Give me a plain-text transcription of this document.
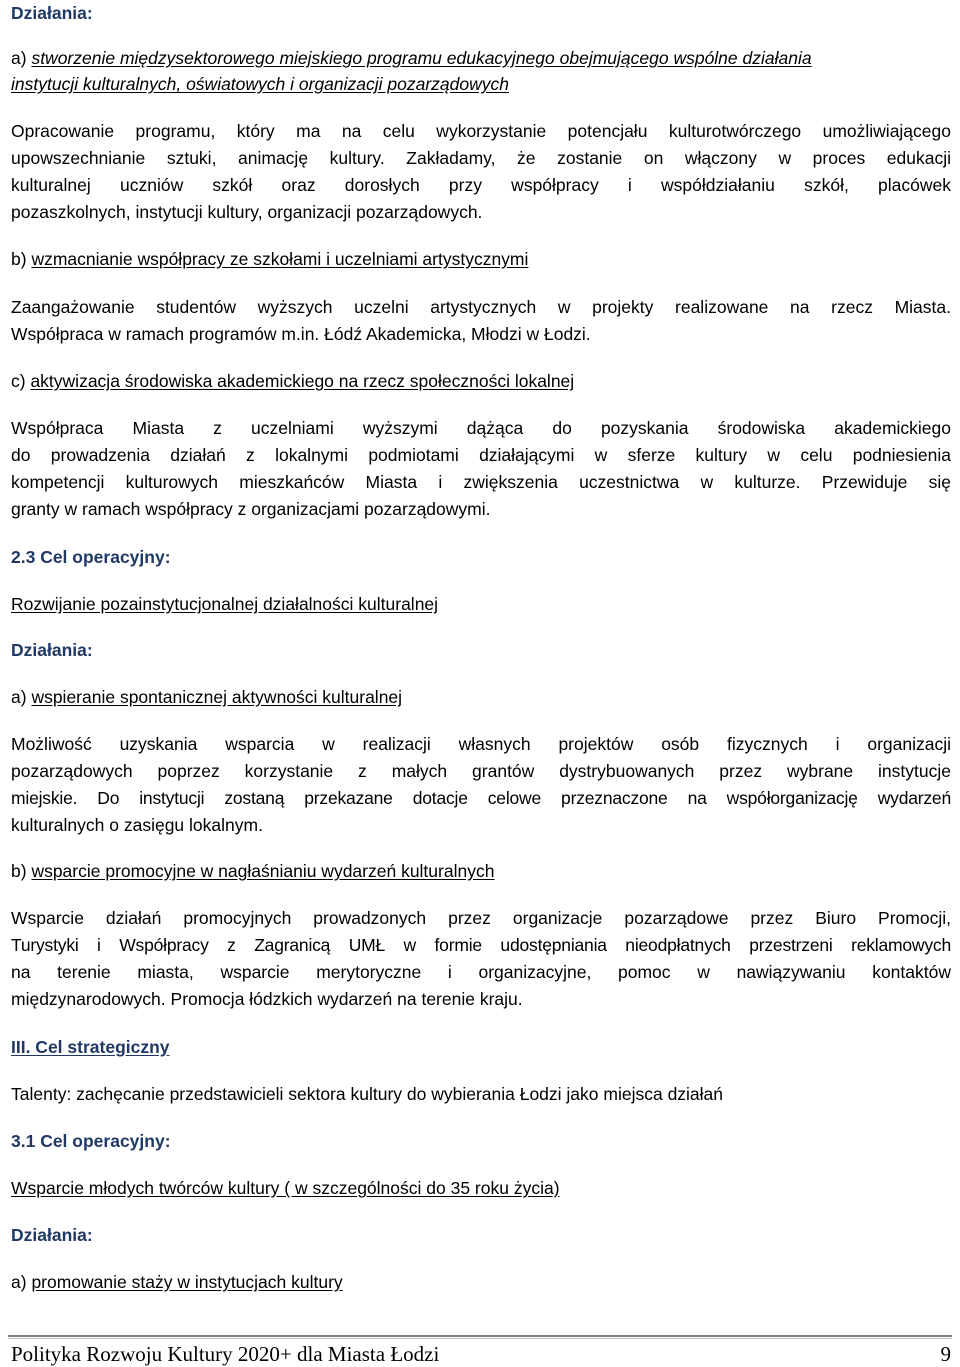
Działania:
a) stworzenie międzysektorowego miejskiego programu edukacyjnego obejmującego wspólne działania
instytucji kulturalnych, oświatowych i organizacji pozarządowych
Opracowanie programu, który ma na celu wykorzystanie potencjału kulturotwórczego umożliwiającego
upowszechnianie sztuki, animację kultury. Zakładamy, że zostanie on włączony w proces edukacji
kulturalnej uczniów szkół oraz dorosłych przy współpracy i współdziałaniu szkół, placówek
pozaszkolnych, instytucji kultury, organizacji pozarządowych.
b) wzmacnianie współpracy ze szkołami i uczelniami artystycznymi
Zaangażowanie studentów wyższych uczelni artystycznych w projekty realizowane na rzecz Miasta.
Współpraca w ramach programów m.in. Łódź Akademicka, Młodzi w Łodzi.
c) aktywizacja środowiska akademickiego na rzecz społeczności lokalnej
Współpraca Miasta z uczelniami wyższymi dążąca do pozyskania środowiska akademickiego
do prowadzenia działań z lokalnymi podmiotami działającymi w sferze kultury w celu podniesienia
kompetencji kulturowych mieszkańców Miasta i zwiększenia uczestnictwa w kulturze. Przewiduje się
granty w ramach współpracy z organizacjami pozarządowymi.
2.3 Cel operacyjny:
Rozwijanie pozainstytucjonalnej działalności kulturalnej
Działania:
a) wspieranie spontanicznej aktywności kulturalnej
Możliwość uzyskania wsparcia w realizacji własnych projektów osób fizycznych i organizacji
pozarządowych poprzez korzystanie z małych grantów dystrybuowanych przez wybrane instytucje
miejskie. Do instytucji zostaną przekazane dotacje celowe przeznaczone na współorganizację wydarzeń
kulturalnych o zasięgu lokalnym.
b) wsparcie promocyjne w nagłaśnianiu wydarzeń kulturalnych
Wsparcie działań promocyjnych prowadzonych przez organizacje pozarządowe przez Biuro Promocji,
Turystyki i Współpracy z Zagranicą UMŁ w formie udostępniania nieodpłatnych przestrzeni reklamowych
na terenie miasta, wsparcie merytoryczne i organizacyjne, pomoc w nawiązywaniu kontaktów
międzynarodowych. Promocja łódzkich wydarzeń na terenie kraju.
III. Cel strategiczny
Talenty: zachęcanie przedstawicieli sektora kultury do wybierania Łodzi jako miejsca działań
3.1 Cel operacyjny:
Wsparcie młodych twórców kultury ( w szczególności do 35 roku życia)
Działania:
a) promowanie staży w instytucjach kultury
Polityka Rozwoju Kultury 2020+ dla Miasta Łodzi	9
